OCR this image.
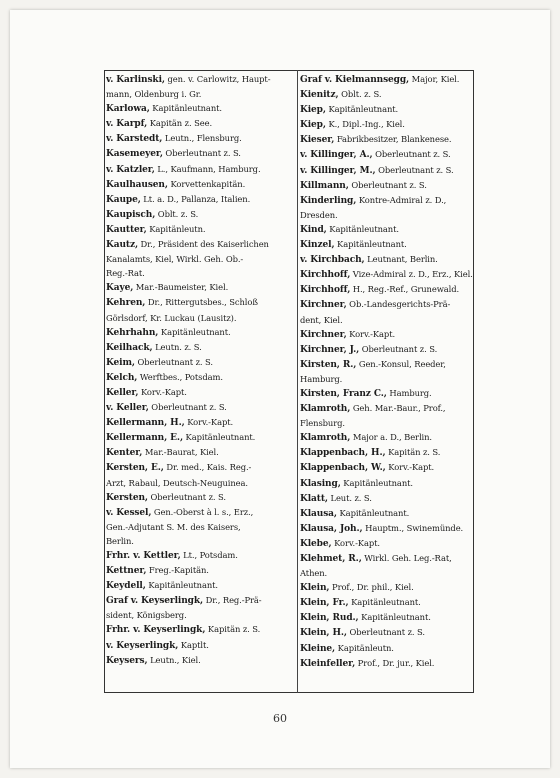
v. Karlinski, gen. v. Carlowitz, Haupt-
mann, Oldenburg i. Gr.
Karlowa, Kapitänleutnant.
v. Karpf, Kapitän z. See.
v. Karstedt, Leutn., Flensburg.
Kasemeyer, Oberleutnant z. S.
v. Katzler, L., Kaufmann, Hamburg.
Kaulhausen, Korvettenkapitän.
Kaupe, Lt. a. D., Pallanza, Italien.
Kaupisch, Oblt. z. S.
Kautter, Kapitänleutn.
Kautz, Dr., Präsident des Kaiserlichen
Kanalamts, Kiel, Wirkl. Geh. Ob.-
Reg.-Rat.
Kaye, Mar.-Baumeister, Kiel.
Kehren, Dr., Rittergutsbes., Schloß
Görlsdorf, Kr. Luckau (Lausitz).
Kehrhahn, Kapitänleutnant.
Keilhack, Leutn. z. S.
Keim, Oberleutnant z. S.
Kelch, Werftbes., Potsdam.
Keller, Korv.-Kapt.
v. Keller, Oberleutnant z. S.
Kellermann, H., Korv.-Kapt.
Kellermann, E., Kapitänleutnant.
Kenter, Mar.-Baurat, Kiel.
Kersten, E., Dr. med., Kais. Reg.-
Arzt, Rabaul, Deutsch-Neuguinea.
Kersten, Oberleutnant z. S.
v. Kessel, Gen.-Oberst à l. s., Erz.,
Gen.-Adjutant S. M. des Kaisers,
Berlin.
Frhr. v. Kettler, Lt., Potsdam.
Kettner, Freg.-Kapitän.
Keydell, Kapitänleutnant.
Graf v. Keyserlingk, Dr., Reg.-Prä-
sident, Königsberg.
Frhr. v. Keyserlingk, Kapitän z. S.
v. Keyserlingk, Kaptlt.
Keysers, Leutn., Kiel.
Graf v. Kielmannsegg, Major, Kiel.
Kienitz, Oblt. z. S.
Kiep, Kapitänleutnant.
Kiep, K., Dipl.-Ing., Kiel.
Kieser, Fabrikbesitzer, Blankenese.
v. Killinger, A., Oberleutnant z. S.
v. Killinger, M., Oberleutnant z. S.
Killmann, Oberleutnant z. S.
Kinderling, Kontre-Admiral z. D.,
Dresden.
Kind, Kapitänleutnant.
Kinzel, Kapitänleutnant.
v. Kirchbach, Leutnant, Berlin.
Kirchhoff, Vize-Admiral z. D., Erz., Kiel.
Kirchhoff, H., Reg.-Ref., Grunewald.
Kirchner, Ob.-Landesgerichts-Prä-
dent, Kiel.
Kirchner, Korv.-Kapt.
Kirchner, J., Oberleutnant z. S.
Kirsten, R., Gen.-Konsul, Reeder,
Hamburg.
Kirsten, Franz C., Hamburg.
Klamroth, Geh. Mar.-Baur., Prof.,
Flensburg.
Klamroth, Major a. D., Berlin.
Klappenbach, H., Kapitän z. S.
Klappenbach, W., Korv.-Kapt.
Klasing, Kapitänleutnant.
Klatt, Leut. z. S.
Klausa, Kapitänleutnant.
Klausa, Joh., Hauptm., Swinemünde.
Klebe, Korv.-Kapt.
Klehmet, R., Wirkl. Geh. Leg.-Rat,
Athen.
Klein, Prof., Dr. phil., Kiel.
Klein, Fr., Kapitänleutnant.
Klein, Rud., Kapitänleutnant.
Klein, H., Oberleutnant z. S.
Kleine, Kapitänleutn.
Kleinfeller, Prof., Dr. jur., Kiel.
60
